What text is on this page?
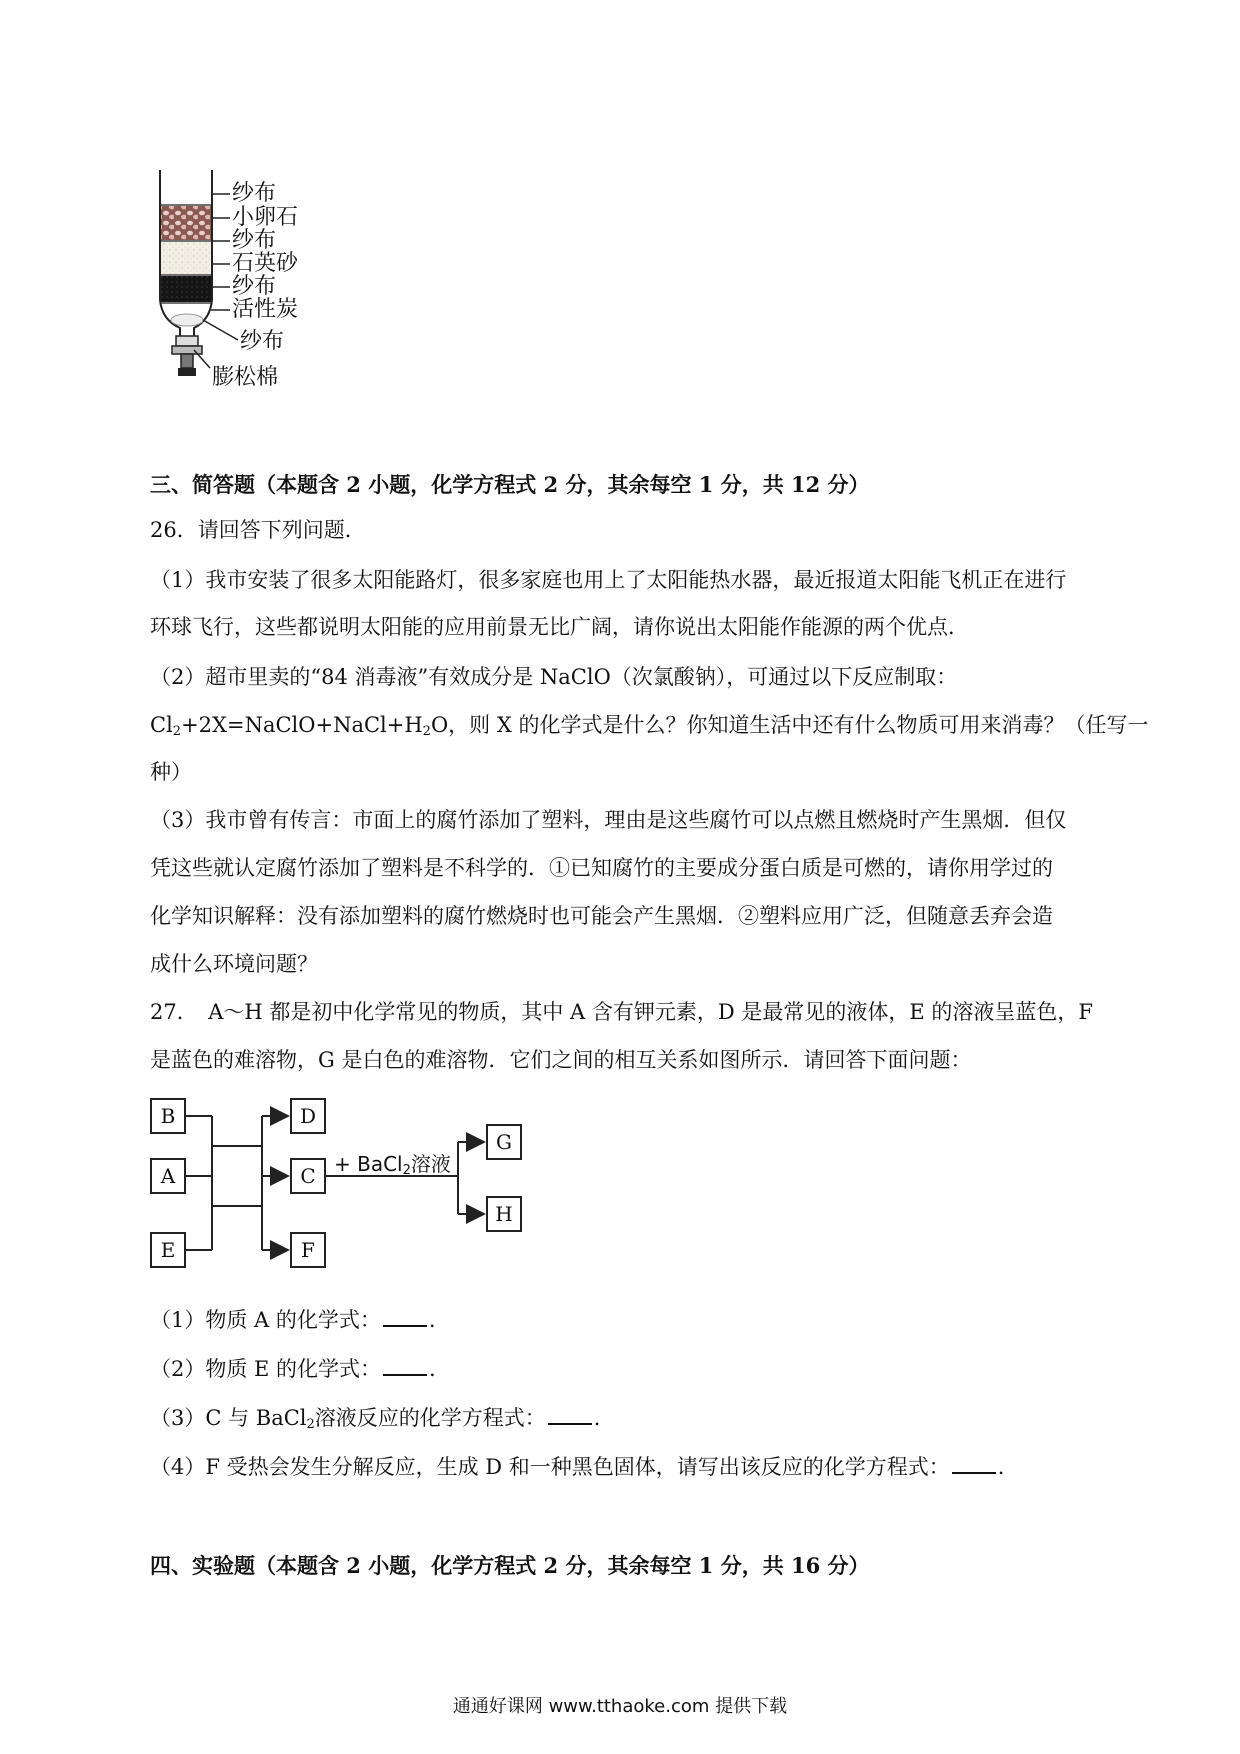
纱布
小卵石
纱布
石英砂
纱布
活性炭
纱布
膨松棉
三、简答题（本题含 2 小题，化学方程式 2 分，其余每空 1 分，共 12 分）
26．请回答下列问题．
（1）我市安装了很多太阳能路灯，很多家庭也用上了太阳能热水器，最近报道太阳能飞机正在进行
环球飞行，这些都说明太阳能的应用前景无比广阔，请你说出太阳能作能源的两个优点．
（2）超市里卖的“84 消毒液”有效成分是 NaClO（次氯酸钠），可通过以下反应制取：
$Cl_2+2X=NaClO+NaCl+H_2O$，则 X 的化学式是什么？你知道生活中还有什么物质可用来消毒？（任写一
种）
（3）我市曾有传言：市面上的腐竹添加了塑料，理由是这些腐竹可以点燃且燃烧时产生黑烟．但仅
凭这些就认定腐竹添加了塑料是不科学的．①已知腐竹的主要成分蛋白质是可燃的，请你用学过的
化学知识解释：没有添加塑料的腐竹燃烧时也可能会产生黑烟．②塑料应用广泛，但随意丢弃会造
成什么环境问题？
27．　A～H 都是初中化学常见的物质，其中 A 含有钾元素，D 是最常见的液体，E 的溶液呈蓝色，F
是蓝色的难溶物，G 是白色的难溶物．它们之间的相互关系如图所示．请回答下面问题：
B
A
E
D
C
F
G
H
+ BaCl$_2$溶液
（1）物质 A 的化学式： .
（2）物质 E 的化学式： .
（3）C 与 BaCl$_2$溶液反应的化学方程式： .
（4）F 受热会发生分解反应，生成 D 和一种黑色固体，请写出该反应的化学方程式： .
四、实验题（本题含 2 小题，化学方程式 2 分，其余每空 1 分，共 16 分）
通通好课网 www.tthaoke.com 提供下载
